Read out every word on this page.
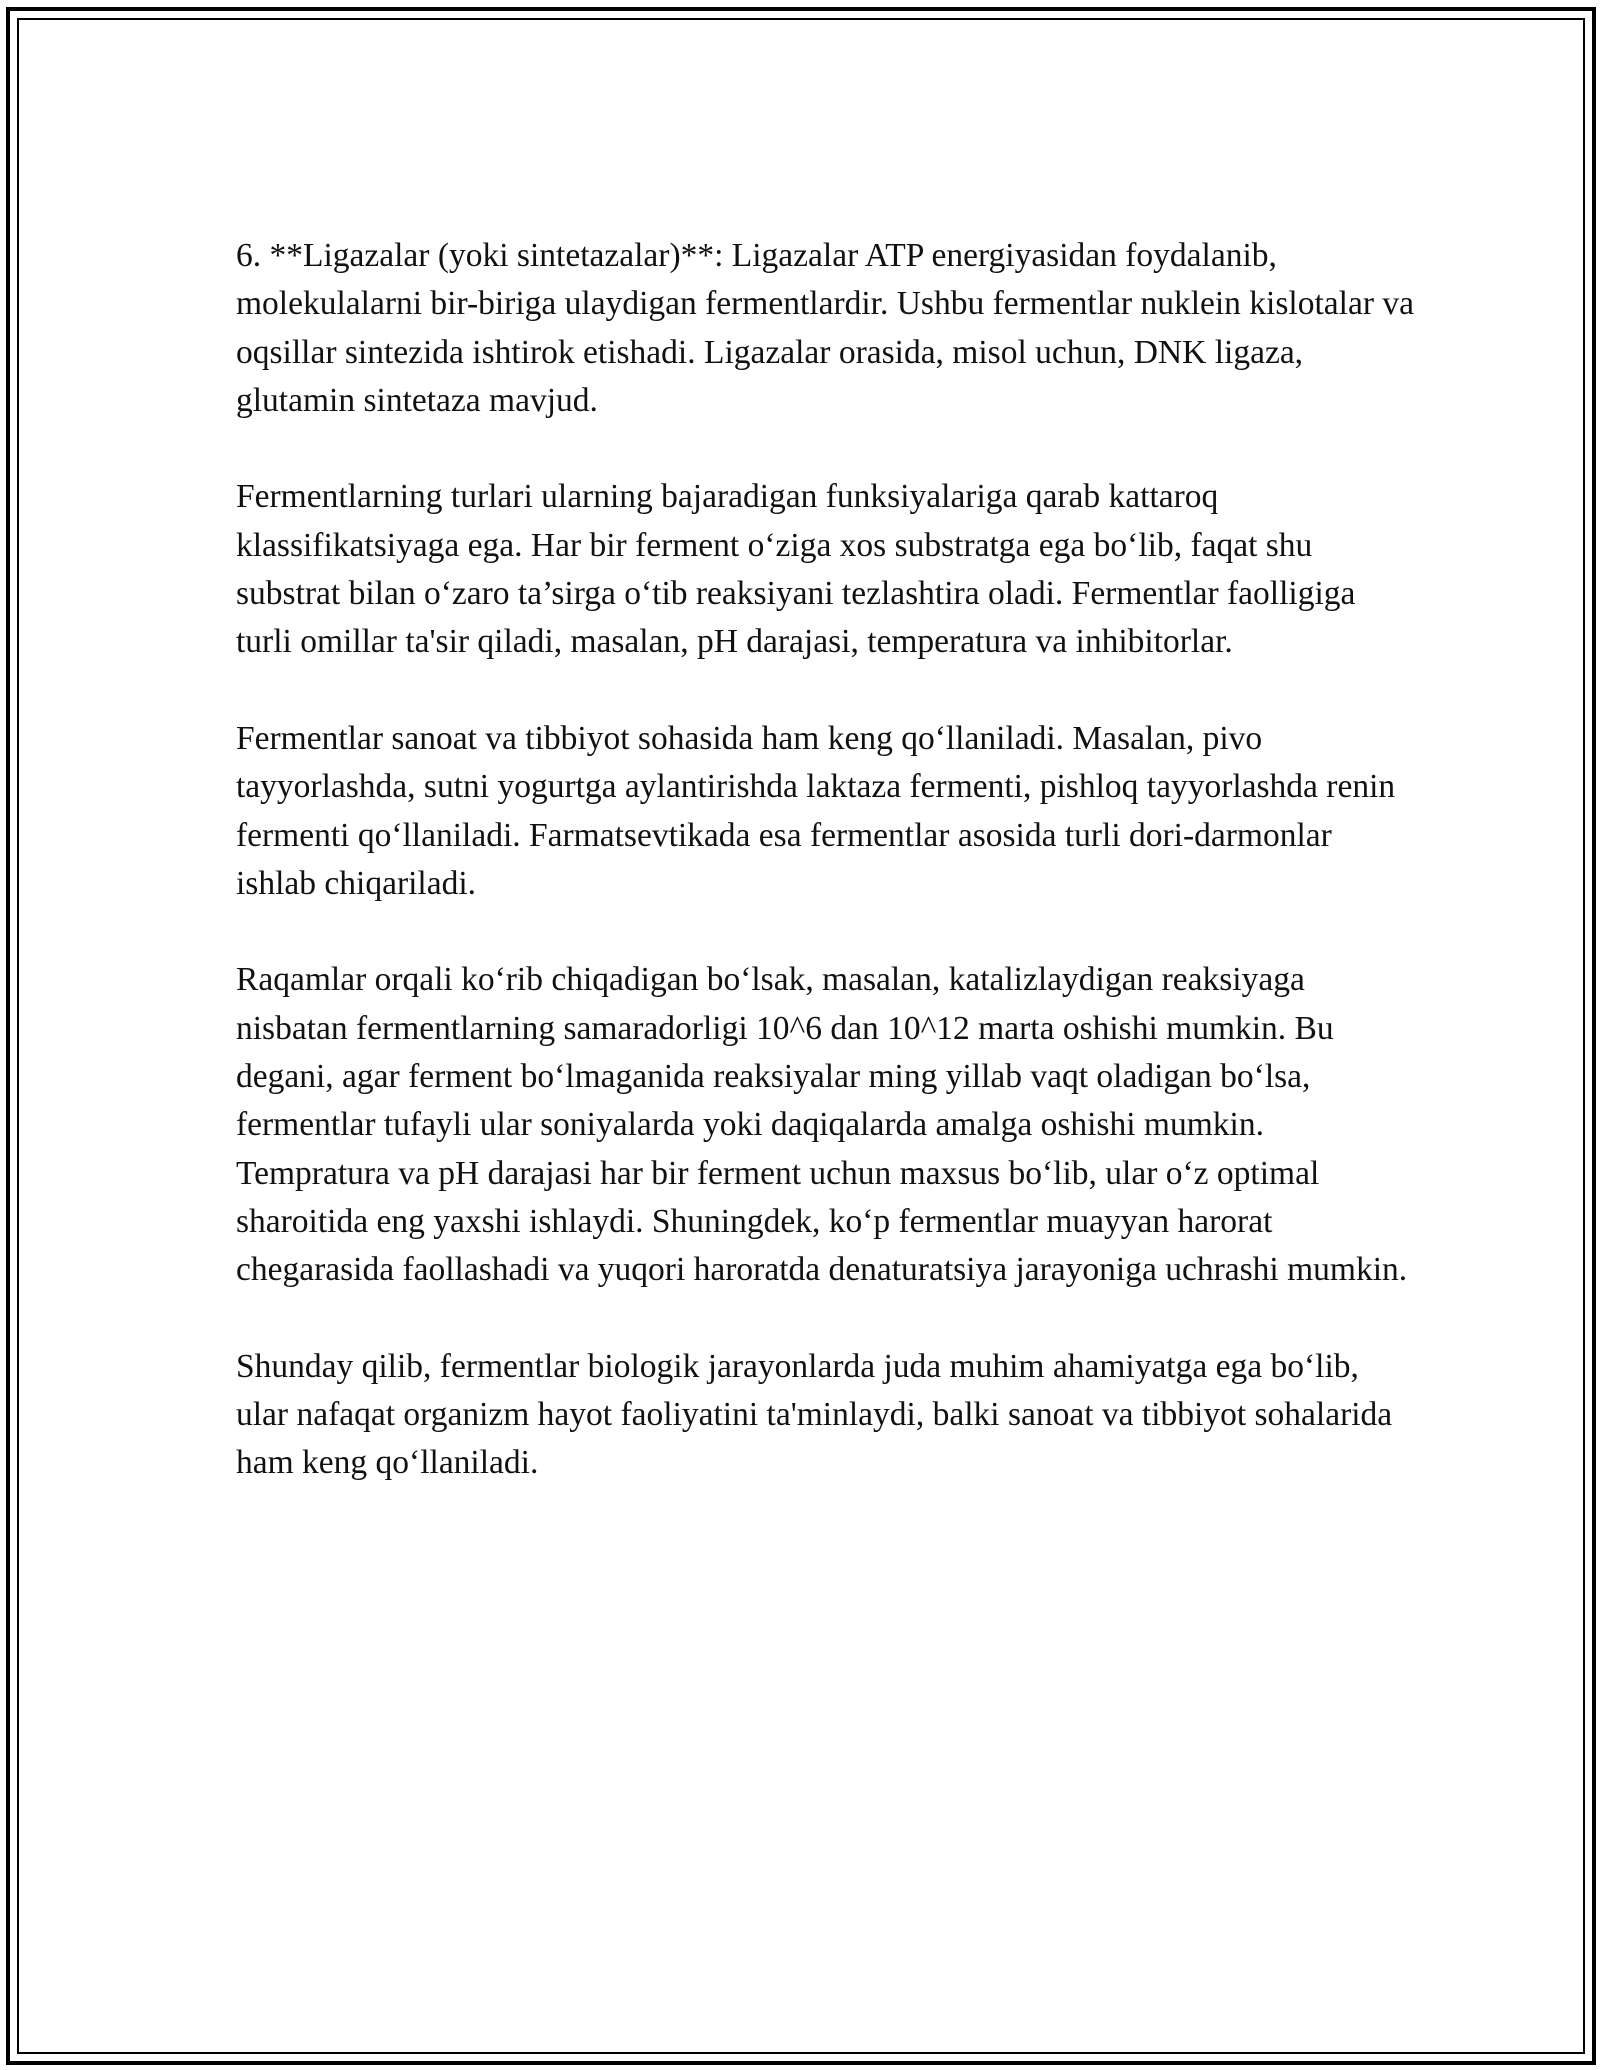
6. **Ligazalar (yoki sintetazalar)**: Ligazalar ATP energiyasidan foydalanib, molekulalarni bir-biriga ulaydigan fermentlardir. Ushbu fermentlar nuklein kislotalar va oqsillar sintezida ishtirok etishadi. Ligazalar orasida, misol uchun, DNK ligaza, glutamin sintetaza mavjud.

Fermentlarning turlari ularning bajaradigan funksiyalariga qarab kattaroq klassifikatsiyaga ega. Har bir ferment o‘ziga xos substratga ega bo‘lib, faqat shu substrat bilan o‘zaro ta’sirga o‘tib reaksiyani tezlashtira oladi. Fermentlar faolligiga turli omillar ta'sir qiladi, masalan, pH darajasi, temperatura va inhibitorlar.

Fermentlar sanoat va tibbiyot sohasida ham keng qo‘llaniladi. Masalan, pivo tayyorlashda, sutni yogurtga aylantirishda laktaza fermenti, pishloq tayyorlashda renin fermenti qo‘llaniladi. Farmatsevtikada esa fermentlar asosida turli dori-darmonlar ishlab chiqariladi.

Raqamlar orqali ko‘rib chiqadigan bo‘lsak, masalan, katalizlaydigan reaksiyaga nisbatan fermentlarning samaradorligi 10^6 dan 10^12 marta oshishi mumkin. Bu degani, agar ferment bo‘lmaganida reaksiyalar ming yillab vaqt oladigan bo‘lsa, fermentlar tufayli ular soniyalarda yoki daqiqalarda amalga oshishi mumkin. Tempratura va pH darajasi har bir ferment uchun maxsus bo‘lib, ular o‘z optimal sharoitida eng yaxshi ishlaydi. Shuningdek, ko‘p fermentlar muayyan harorat chegarasida faollashadi va yuqori haroratda denaturatsiya jarayoniga uchrashi mumkin.

Shunday qilib, fermentlar biologik jarayonlarda juda muhim ahamiyatga ega bo‘lib, ular nafaqat organizm hayot faoliyatini ta'minlaydi, balki sanoat va tibbiyot sohalarida ham keng qo‘llaniladi.
